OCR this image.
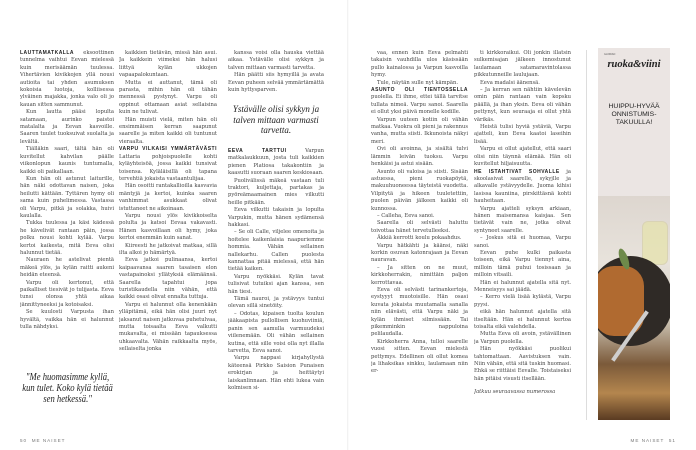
LAUTTAMATKALLA eksoottinen tunnelma vaihtui Eevan mielessä kuin merisäämän tuulessa. Vihertävien kivikkojen yllä nousi autioita tai yhden asumuksen kokoisia luotoja, kolliisessa ylväinen majakka, jonka valo oli jo kauan sitten sammunut.

Kun lautta pääsi lopulta satamaan, aurinko paistoi matalalta ja Eevan kasvoille. Saaren tuulet tuoksuivat suolalta ja levältä.

Tiälläkin saari, tältä hän oli kuvitellut kahvilan päälle viikonlopun kaunis tuntumalla, kaikki oli paikallaan.

Kun hän oli astunut laiturille, hän näki odottavan naisen, joka heilutti kättään. Tyttären hymy oli sama kuin puhelimessa. Vastassa oli Varpu, pitkä ja solakka, huivi kaulalla.

Tukka tuulessa ja käsi kädessä he kävelivät rantaan päin, jossa polku nousi kohti kylää. Varpu kertoi kaikesta, mitä Eeva olisi halunnut tietää.

Nauraen he astelivat pientä mäkeä ylös, ja kylän raitti aukeni heidän eteensä.

Varpu oli kertonut, että paikalliset tiesivät jo tulijasta. Eeva tunsi olonsa yhtä aikaa jännittyneeksi ja kotoisaksi.

Se kuulosti Varpusta ihan hyvältä, vaikka hän ei halunnut tulla nähdyksi.

"Me huomasimme kyllä, kun tulet. Koko kylä tietää sen hetkessä."

kaikkien tietävän, missä hän asui. Ja kaikkein viimeksi hän halusi liittyä kylän ukkojen vapaapalokuntaan.

Mutta ei auttanut, tämä oli parasta, mihin hän oli tähän mennessä pystynyt. Varpu oli oppinut ottamaan asiat sellaisina kuin ne tulivat.

Hän muisti vielä, miten hän oli ensimmäisen kerran saapunut saarelle ja miten kaikki oli tuntunut vieraalta.

VARPU VILKAISI YMMÄRTÄVÄSTI Lattaria pohjoispuolelle kohti kyläyhteisöä, jossa kaikki tunsivat toisensa. Kyläläisillä oli tapana tervehtiä jokaista vastaantulijaa.

Hän osoitti rantakallioilla kasvavia mäntyjä ja kertoi, kuinka saaren vanhimmat asukkaat olivat istuttaneet ne aikoinaan.

Varpu nousi ylös kivikkoiselta polulta ja katsoi Eevaa vakavasti. Hänen kasvoillaan oli hymy, joka kertoi enemmän kuin sanat.

Kiireesti he jatkoivat matkaa, sillä ilta alkoi jo hämärtyä.

Eeva jatkoi pulinaansa, kertoi kaipaavansa saaren tasaisen elon vastapainoksi yllätyksiä elämäänsä. Saarella tapahtui jopa turistikaudella niin vähän, että kaikki osasi olivat ennalta tuttuja.

Varpu ei halunnut olla kenenkään ylläpitämä, eikä hän olisi juuri nyt jaksanut naisen jatkuvaa puhetulvaa, mutta toisaalta Eeva valkutti mukavalta, ei missään tapauksessa uhkaavalta. Vähän raikkaalta myös, sellaiselta jonka

kanssa voisi olla hauska viettää aikaa. Ystävälle olisi sykkyn ja talven mittaan varmasti tarvetta.

Hän päätti siis hymyillä ja avata Eevan puheen selvää ymmärtämättä kuin hyttysparven.

Ystävälle olisi sykkyn ja talven mittaan varmasti tarvetta.

EEVA TARTTUI	Varpun matkalaukkuun, josta tuli kaikkien pienen Platiosa takakontiin ja kaasutti suoraan saaren keskiosaan.

Puolivälissä mäkeä vastaan tuli traktori, kuljettaja, partakas ja pyöreämaamainen mies vilkutti heille pitkään.

Eeva vilkutti takaisin ja lopulta Varpukin, mutta hänen sydämensä hakkasi.

– Se oli Calle, viljelee omenoita ja hoitelee kaikenlaisia naapuriemme hommia. Vähän sellainen nallekarhu. Callen puolesta kannattaa pitää mielessä, että hän tietää kaiken.

Varpu nyökkäsi. Kylän tavat tulisivat tutuiksi ajan kanssa, sen hän tiesi.

Tämä nauroi, ja ystävyys tuntui olevan sillä sinetöity.

– Odotas, kipaisen tuolta koulun jääkaapista pullollisen kuohuviiniä, panin sen aamulla varmuudeksi viilenemään. Oli vähän sellainen kutina, että sille voisi olla nyt illalla tarvetta, Eeva sanoi.

Varpu nappasi kirjahyllystä käteensä Pirkko Saision Punaisen erokirjan ja heittäytyi laiskanlinnaan. Hän ehti lukea vain kolmisen si-

vaa, ennen kuin Eeva pelmahti takaisin vauhdilla ulos käsissään pullo kainalossa ja Varpun kasvoilla hymy.

Tule, näytän sulle nyt kämpän.

ASUNTO OLI TIENTOSSELLA puolella. Ei ihme, ettei tällä tarvitse tullata nimeä. Varpu sanoi. Saarella ei ollut yksi päivä monelle kodille.

Varpun uuteen kotiin oli vähän matkaa. Vuokra oli pieni ja rakennus vanha, mutta siisti. Ikkunoista näkyi meri.

Ovi oli avoinna, ja sisältä tulvi lämmin leivän tuoksu. Varpu henkäisi ja astui sisään.

Asunto oli valoisa ja siisti. Sisään astuessa, pieni ruokapöytä, makuuhuoneessa täyteistä vuodetta. Vilpitytä ja hikeen tuuletettiin, puolen päivän jälkeen kaikki oli kunnossa.

– Calleha, Eeva sanoi.

Saarella oli selvästi haluttu toivottaa hänet tervetulleeksi.

Äkkiä kerrotti koulu pokaahdus.

Varpu hätkähti ja käänsi, näki korkin osuvan katonrajaan ja Eevan nauravan.

– Ja sitten on ne muut, kirkkoherrakin, nimittäin paljon kerrottavaa.

Eeva oli selvästi tarinankertoja, eystyyyt muotoisille. Hän osasi kuvata jokaista muutamalla sanalla niin elävästi, että Varpu näki ja kylän ihmiset silmissään. Tai pikemminkin nappuloina pelilaudalla.

Kirkkoherra Anna, tulloi saarelle vuosi sitten. Eevan mielestä pettymys. Edellinen oli ollut komea ja lihaksikas sinkku, laulamaan niin er-

ti kirkkoraikui. Oli jonkin illatsin sulkemisajan jälkeen innostunut laulamaan satamaravintolassa pikkutunneille laulujaan.

Eeva madalsi äänensä.

– Ja kerran sen nähtiin kävelevän omin päin rantaan vain kopsku päällä, ja ihan yksin. Eeva oli vähän pettynyt, kun seuraaja ei ollut yhtä värikäs.

Heistä tulisi hyviä ystäviä, Varpu ajatteli, kun Eeva kaatoi laseihin lisää.

Varpu ei ollut ajatellut, että saari olisi niin täynnä elämää. Hän oli kuvitellut hiljaisuutta.

HE ISTAHTIVAT SOHVALLE ja skoolasivat saarelle, sykyjlle ja alkavalle ystävyydelle. Juoma kihisi lasissa kauniina, pirskittäsnä kohti hauheitaan.

Varpu ajatteli syksyn arkiaan, hänen maisemansa kaisjaa. Sen tietävät vain ne, jotka olivat syntyneet saarelle.

– Joskus sitä ei huomaa, Varpu sanoi.

Eevan puhe kulki paikasta toiseen, eikä Varpu tiennyt aina, milloin tämä puhui tosissaan ja milloin vitsaili.

Hän ei halunnut ajatella sitä nyt. Menneisyys sai jäädä.

– Kerro vielä lisää kylästä, Varpu pyysi.

eikä hän halunnut ajatella sitä itseltään. Hän ei halunnut kertoa toisalta eikä valehdella.

Mutta Eeva oli avoin, ystävällinen ja Varpun puolella.

Hän nyökkäsi puolikui tahtomattaan. Aavistuksen vain. Niin vähän, että sitä tuskin huomasi. Ehkä se riittäisi Eevalle. Toistaiseksi hän pitäisi visusti itsellään.

Jatkuu seuraavassa numerossa

GLORIAN
ruoka&viini
HUIPPU-HYVÄÄ ONNISTUMIS-TAKUULLA!
50 ME NAISET	ME NAISET 51
